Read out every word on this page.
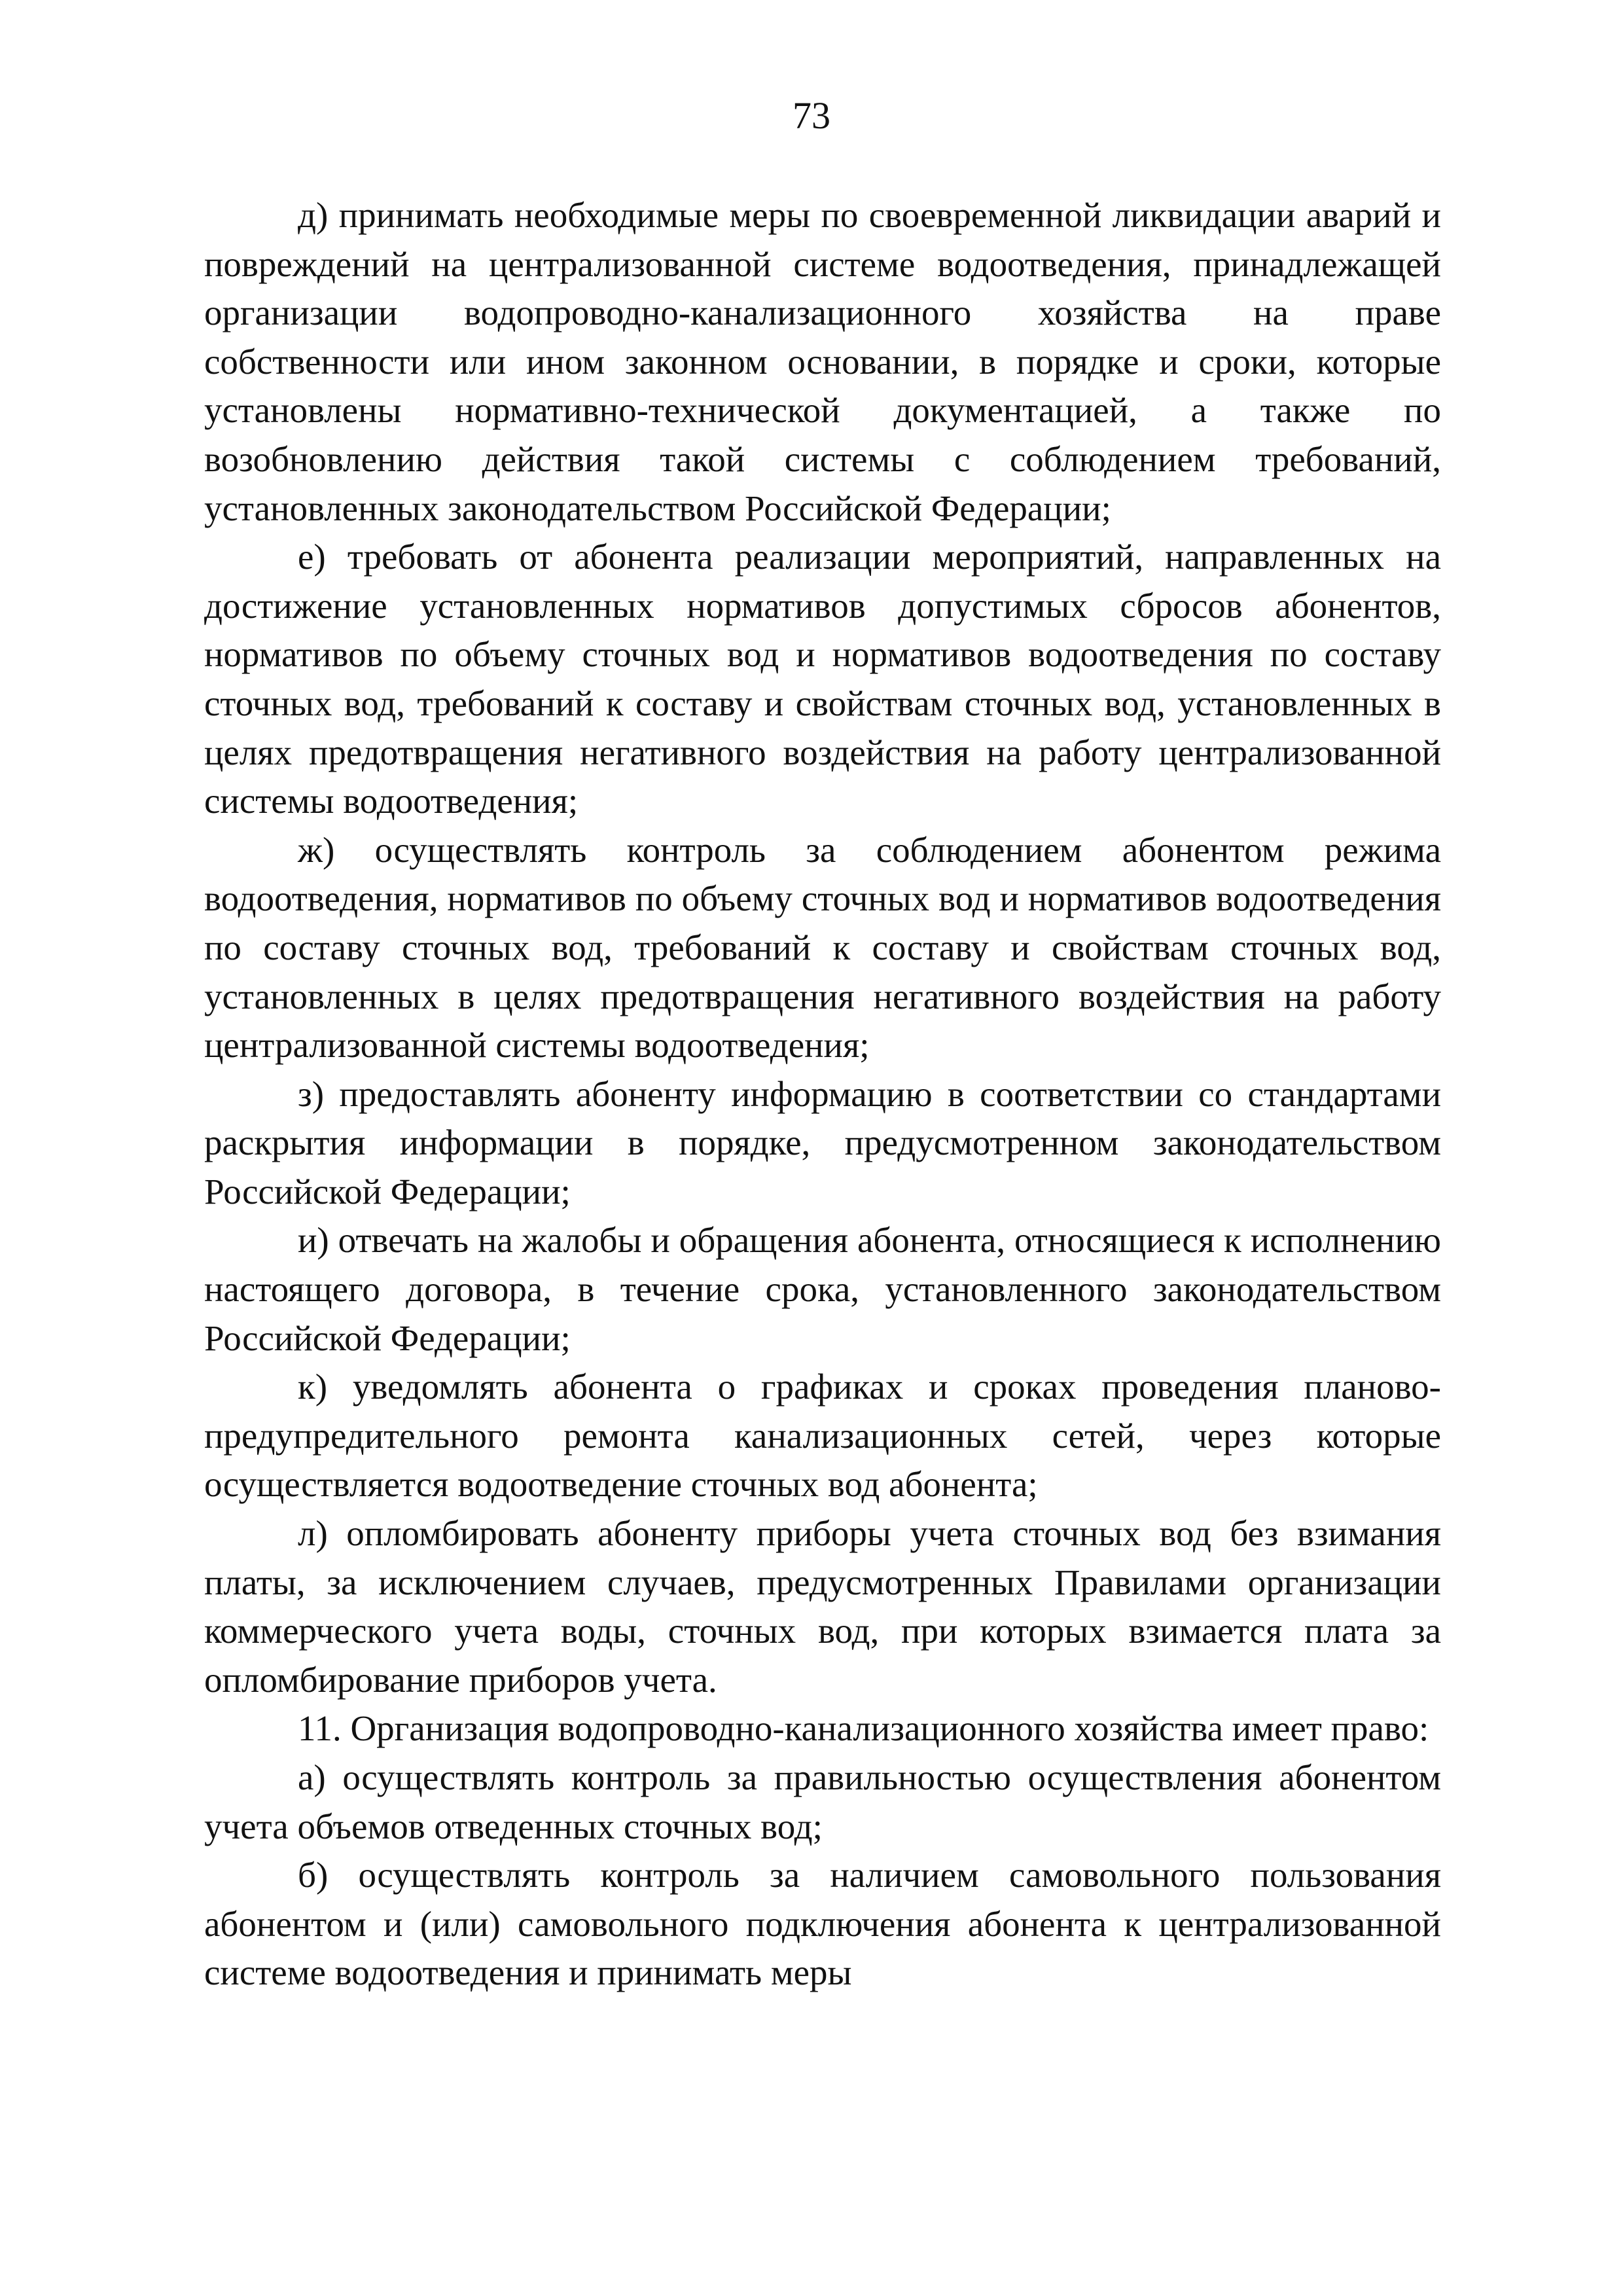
73

д) принимать необходимые меры по своевременной ликвидации аварий и повреждений на централизованной системе водоотведения, принадлежащей организации водопроводно-канализационного хозяйства на праве собственности или ином законном основании, в порядке и сроки, которые установлены нормативно-технической документацией, а также по возобновлению действия такой системы с соблюдением требований, установленных законодательством Российской Федерации;

е) требовать от абонента реализации мероприятий, направленных на достижение установленных нормативов допустимых сбросов абонентов, нормативов по объему сточных вод и нормативов водоотведения по составу сточных вод, требований к составу и свойствам сточных вод, установленных в целях предотвращения негативного воздействия на работу централизованной системы водоотведения;

ж) осуществлять контроль за соблюдением абонентом режима водоотведения, нормативов по объему сточных вод и нормативов водоотведения по составу сточных вод, требований к составу и свойствам сточных вод, установленных в целях предотвращения негативного воздействия на работу централизованной системы водоотведения;

з) предоставлять абоненту информацию в соответствии со стандартами раскрытия информации в порядке, предусмотренном законодательством Российской Федерации;

и) отвечать на жалобы и обращения абонента, относящиеся к исполнению настоящего договора, в течение срока, установленного законодательством Российской Федерации;

к) уведомлять абонента о графиках и сроках проведения планово-предупредительного ремонта канализационных сетей, через которые осуществляется водоотведение сточных вод абонента;

л) опломбировать абоненту приборы учета сточных вод без взимания платы, за исключением случаев, предусмотренных Правилами организации коммерческого учета воды, сточных вод, при которых взимается плата за опломбирование приборов учета.

11. Организация водопроводно-канализационного хозяйства имеет право:

а) осуществлять контроль за правильностью осуществления абонентом учета объемов отведенных сточных вод;

б) осуществлять контроль за наличием самовольного пользования абонентом и (или) самовольного подключения абонента к централизованной системе водоотведения и принимать меры
